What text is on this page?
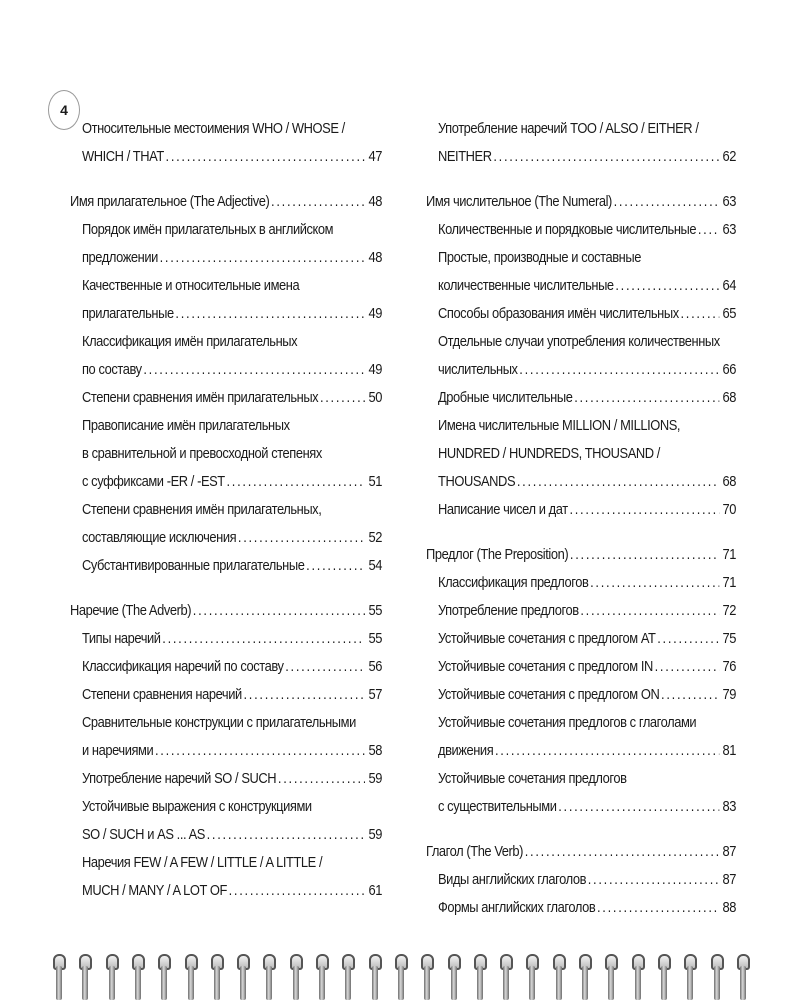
4
Относительные местоимения WHO / WHOSE /
WHICH / THAT .....	47
Имя прилагательное (The Adjective) .....	48
Порядок имён прилагательных в английском
предложении .....	48
Качественные и относительные имена
прилагательные .....	49
Классификация имён прилагательных
по составу .....	49
Степени сравнения имён прилагательных .....	50
Правописание имён прилагательных
в сравнительной и превосходной степенях
с суффиксами -ER / -EST .....	51
Степени сравнения имён прилагательных,
составляющие исключения .....	52
Субстантивированные прилагательные .....	54
Наречие (The Adverb) .....	55
Типы наречий .....	55
Классификация наречий по составу .....	56
Степени сравнения наречий .....	57
Сравнительные конструкции с прилагательными
и наречиями .....	58
Употребление наречий SO / SUCH .....	59
Устойчивые выражения с конструкциями
SO / SUCH и AS ... AS .....	59
Наречия FEW / A FEW / LITTLE / A LITTLE /
MUCH / MANY / A LOT OF .....	61
Употребление наречий TOO / ALSO / EITHER /
NEITHER .....	62
Имя числительное (The Numeral) .....	63
Количественные и порядковые числительные ..... 63
Простые, производные и составные
количественные числительные .....	64
Способы образования имён числительных .....	65
Отдельные случаи употребления количественных
числительных .....	66
Дробные числительные .....	68
Имена числительные MILLION / MILLIONS,
HUNDRED / HUNDREDS, THOUSAND /
THOUSANDS .....	68
Написание чисел и дат .....	70
Предлог (The Preposition) .....	71
Классификация предлогов .....	71
Употребление предлогов .....	72
Устойчивые сочетания с предлогом AT .....	75
Устойчивые сочетания с предлогом IN .....	76
Устойчивые сочетания с предлогом ON .....	79
Устойчивые сочетания предлогов с глаголами
движения .....	81
Устойчивые сочетания предлогов
с существительными .....	83
Глагол (The Verb) .....	87
Виды английских глаголов .....	87
Формы английских глаголов .....	88
